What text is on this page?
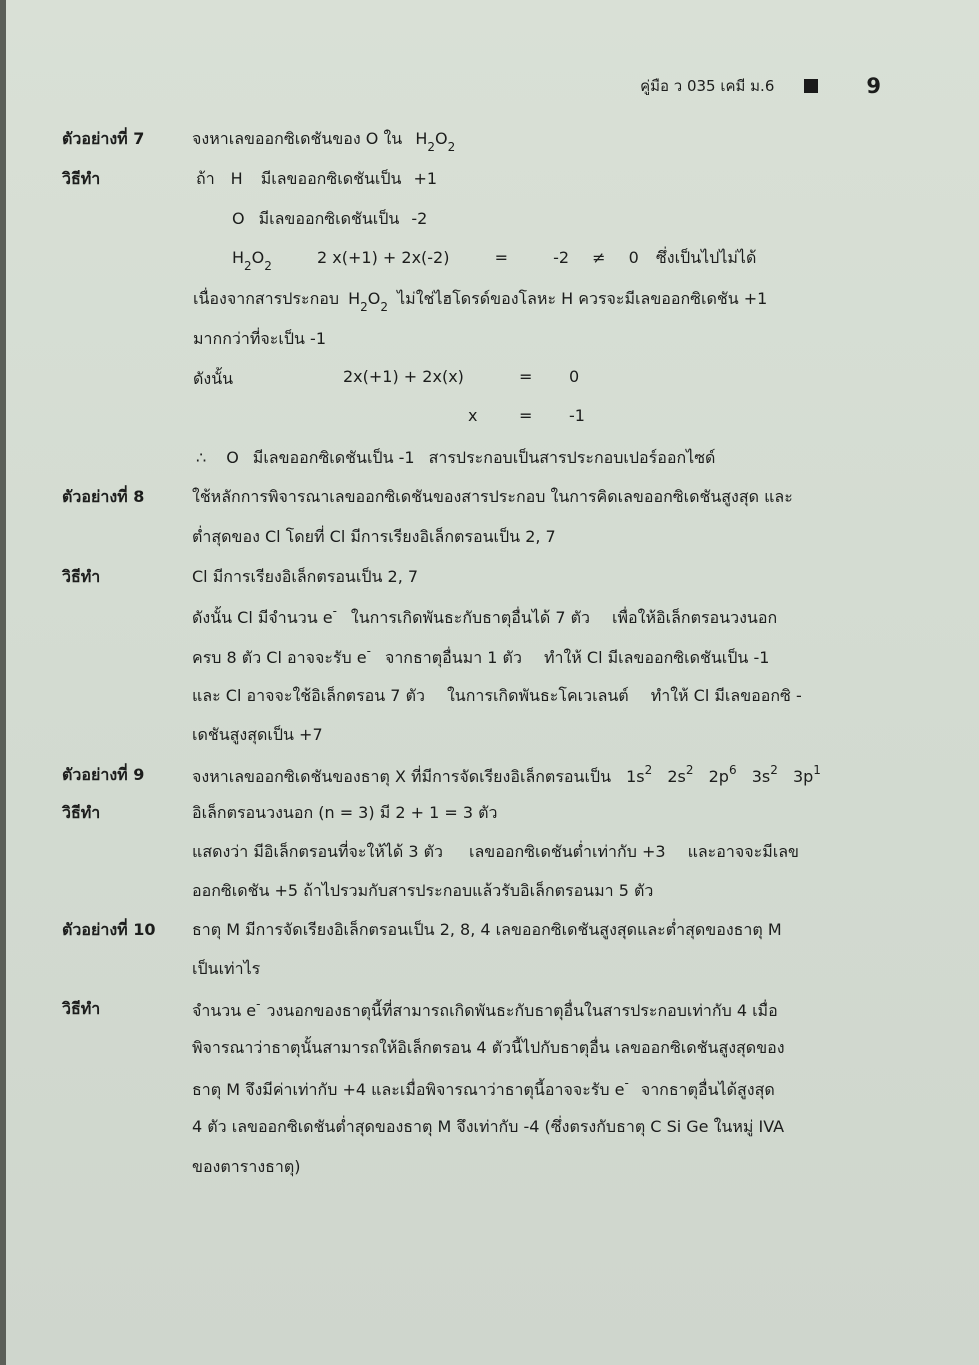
คู่มือ ว 035 เคมี ม.6	9
ตัวอย่างที่ 7	จงหาเลขออกซิเดชันของ O ใน $H_2O_2$
วิธีทำ	ถ้า H มีเลขออกซิเดชันเป็น +1
O มีเลขออกซิเดชันเป็น -2
$H_2O_2$	2 x(+1) + 2x(-2)	=	-2 ≠ 0 ซึ่งเป็นไปไม่ได้
เนื่องจากสารประกอบ $H_2O_2$ ไม่ใช่ไฮโดรด์ของโลหะ H ควรจะมีเลขออกซิเดชัน +1
มากกว่าที่จะเป็น -1
ดังนั้น	2x(+1) + 2x(x)	= 0
x	= -1
∴ O มีเลขออกซิเดชันเป็น -1 สารประกอบเป็นสารประกอบเปอร์ออกไซด์
ตัวอย่างที่ 8	ใช้หลักการพิจารณาเลขออกซิเดชันของสารประกอบ ในการคิดเลขออกซิเดชันสูงสุด และ
ต่ำสุดของ Cl โดยที่ Cl มีการเรียงอิเล็กตรอนเป็น 2, 7
วิธีทำ	Cl มีการเรียงอิเล็กตรอนเป็น 2, 7
ดังนั้น Cl มีจำนวน e- ในการเกิดพันธะกับธาตุอื่นได้ 7 ตัว เพื่อให้อิเล็กตรอนวงนอก
ครบ 8 ตัว Cl อาจจะรับ e- จากธาตุอื่นมา 1 ตัว ทำให้ Cl มีเลขออกซิเดชันเป็น -1
และ Cl อาจจะใช้อิเล็กตรอน 7 ตัว ในการเกิดพันธะโคเวเลนต์ ทำให้ Cl มีเลขออกซิ -
เดชันสูงสุดเป็น +7
ตัวอย่างที่ 9	จงหาเลขออกซิเดชันของธาตุ X ที่มีการจัดเรียงอิเล็กตรอนเป็น $1s^2$ $2s^2$ $2p^6$ $3s^2$ $3p^1$
วิธีทำ	อิเล็กตรอนวงนอก (n = 3) มี 2 + 1 = 3 ตัว
แสดงว่า มีอิเล็กตรอนที่จะให้ได้ 3 ตัว เลขออกซิเดชันต่ำเท่ากับ +3 และอาจจะมีเลข
ออกซิเดชัน +5 ถ้าไปรวมกับสารประกอบแล้วรับอิเล็กตรอนมา 5 ตัว
ตัวอย่างที่ 10 ธาตุ M มีการจัดเรียงอิเล็กตรอนเป็น 2, 8, 4 เลขออกซิเดชันสูงสุดและต่ำสุดของธาตุ M
เป็นเท่าไร
วิธีทำ	จำนวน e- วงนอกของธาตุนี้ที่สามารถเกิดพันธะกับธาตุอื่นในสารประกอบเท่ากับ 4 เมื่อ
พิจารณาว่าธาตุนั้นสามารถให้อิเล็กตรอน 4 ตัวนี้ไปกับธาตุอื่น เลขออกซิเดชันสูงสุดของ
ธาตุ M จึงมีค่าเท่ากับ +4 และเมื่อพิจารณาว่าธาตุนี้อาจจะรับ e- จากธาตุอื่นได้สูงสุด
4 ตัว เลขออกซิเดชันต่ำสุดของธาตุ M จึงเท่ากับ -4 (ซึ่งตรงกับธาตุ C Si Ge ในหมู่ IVA
ของตารางธาตุ)
